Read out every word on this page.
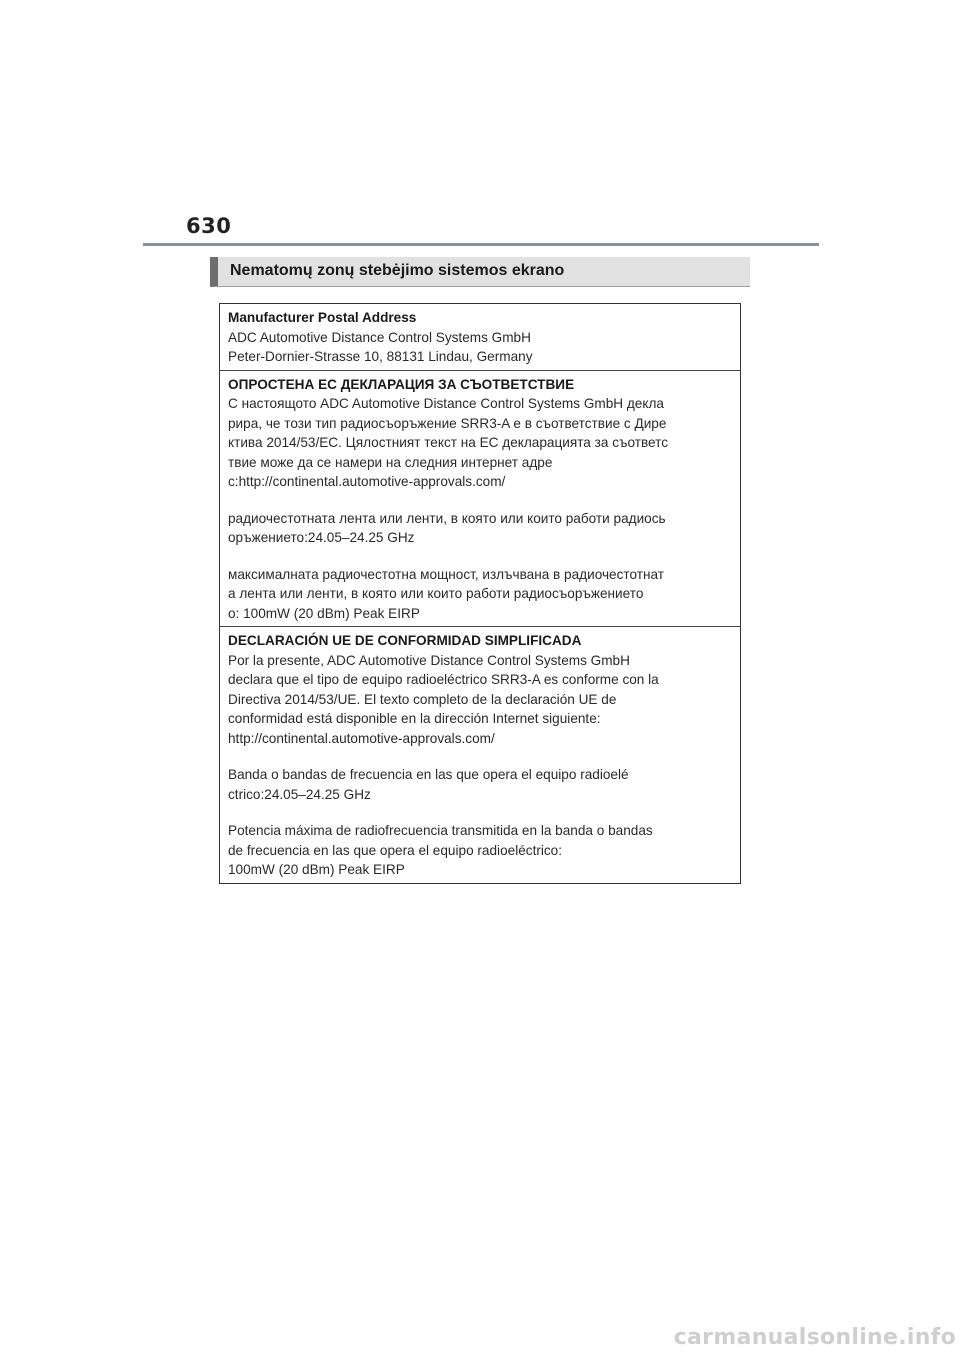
630
Nematomų zonų stebėjimo sistemos ekrano
Manufacturer Postal Address
ADC Automotive Distance Control Systems GmbH
Peter-Dornier-Strasse 10, 88131 Lindau, Germany
ОПРОСТЕНА ЕС ДЕКЛАРАЦИЯ ЗА СЪОТВЕТСТВИЕ
С настоящото ADC Automotive Distance Control Systems GmbH декла
рира, че този тип радиосъоръжение SRR3-A е в съответствие с Дире
ктива 2014/53/ЕС. Цялостният текст на ЕС декларацията за съответс
твие може да се намери на следния интернет адре
с:http://continental.automotive-approvals.com/
радиочестотната лента или ленти, в която или които работи радиось
оръжението:24.05–24.25 GHz
максималната радиочестотна мощност, излъчвана в радиочестотнат
а лента или ленти, в която или които работи радиосъоръжението
о: 100mW (20 dBm) Peak EIRP
DECLARACIÓN UE DE CONFORMIDAD SIMPLIFICADA
Por la presente, ADC Automotive Distance Control Systems GmbH
declara que el tipo de equipo radioeléctrico SRR3-A es conforme con la
Directiva 2014/53/UE. El texto completo de la declaración UE de
conformidad está disponible en la dirección Internet siguiente:
http://continental.automotive-approvals.com/
Banda o bandas de frecuencia en las que opera el equipo radioelé
ctrico:24.05–24.25 GHz
Potencia máxima de radiofrecuencia transmitida en la banda o bandas
de frecuencia en las que opera el equipo radioeléctrico:
100mW (20 dBm) Peak EIRP
carmanualsonline.info
